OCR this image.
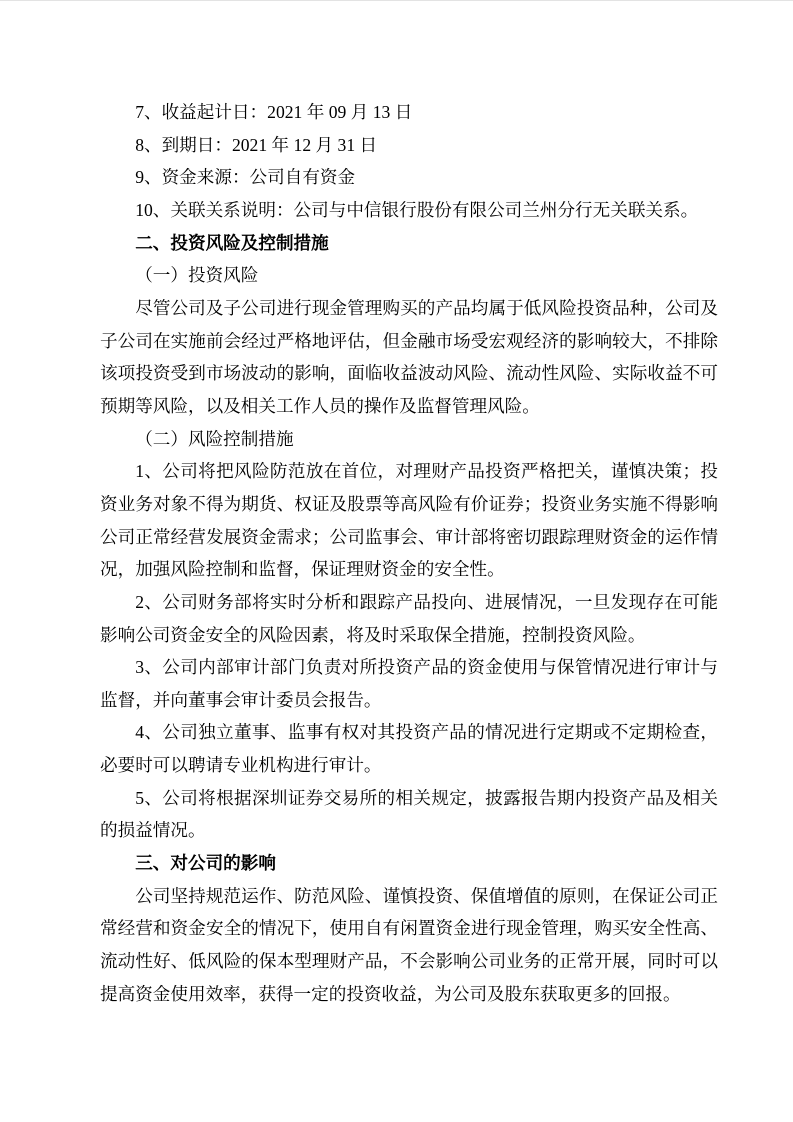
7、收益起计日：2021 年 09 月 13 日
8、到期日：2021 年 12 月 31 日
9、资金来源：公司自有资金
10、关联关系说明：公司与中信银行股份有限公司兰州分行无关联关系。
二、投资风险及控制措施
（一）投资风险
尽管公司及子公司进行现金管理购买的产品均属于低风险投资品种，公司及
子公司在实施前会经过严格地评估，但金融市场受宏观经济的影响较大，不排除
该项投资受到市场波动的影响，面临收益波动风险、流动性风险、实际收益不可
预期等风险，以及相关工作人员的操作及监督管理风险。
（二）风险控制措施
1、公司将把风险防范放在首位，对理财产品投资严格把关，谨慎决策；投
资业务对象不得为期货、权证及股票等高风险有价证券；投资业务实施不得影响
公司正常经营发展资金需求；公司监事会、审计部将密切跟踪理财资金的运作情
况，加强风险控制和监督，保证理财资金的安全性。
2、公司财务部将实时分析和跟踪产品投向、进展情况，一旦发现存在可能
影响公司资金安全的风险因素，将及时采取保全措施，控制投资风险。
3、公司内部审计部门负责对所投资产品的资金使用与保管情况进行审计与
监督，并向董事会审计委员会报告。
4、公司独立董事、监事有权对其投资产品的情况进行定期或不定期检查，
必要时可以聘请专业机构进行审计。
5、公司将根据深圳证券交易所的相关规定，披露报告期内投资产品及相关
的损益情况。
三、对公司的影响
公司坚持规范运作、防范风险、谨慎投资、保值增值的原则，在保证公司正
常经营和资金安全的情况下，使用自有闲置资金进行现金管理，购买安全性高、
流动性好、低风险的保本型理财产品，不会影响公司业务的正常开展，同时可以
提高资金使用效率，获得一定的投资收益，为公司及股东获取更多的回报。
